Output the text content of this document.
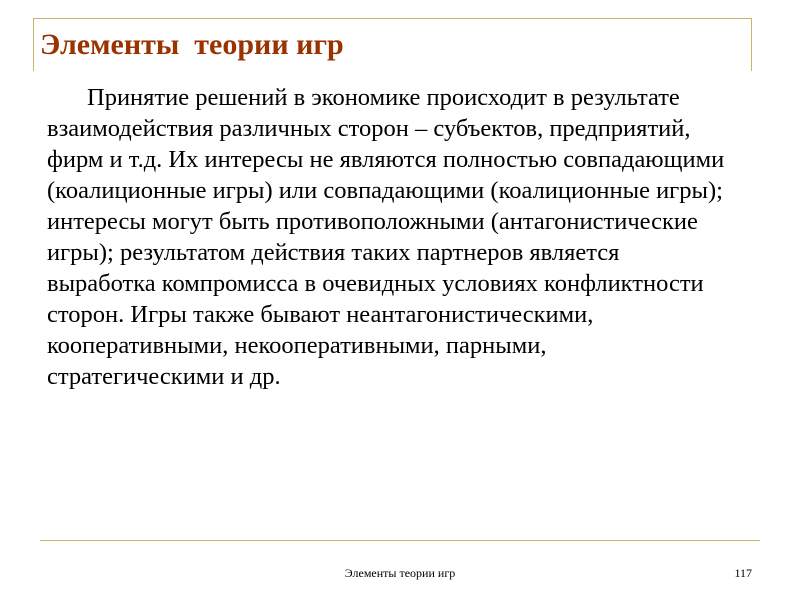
Элементы  теории игр

Принятие решений в экономике происходит в результате взаимодействия различных сторон – субъектов, предприятий, фирм и т.д. Их интересы не являются полностью совпадающими (коалиционные игры) или совпадающими (коалиционные игры); интересы могут быть противоположными (антагонистические игры); результатом действия таких партнеров является выработка компромисса в очевидных условиях конфликтности сторон. Игры также бывают неантагонистическими, кооперативными, некооперативными, парными, стратегическими и др.

Элементы теории игр	117
